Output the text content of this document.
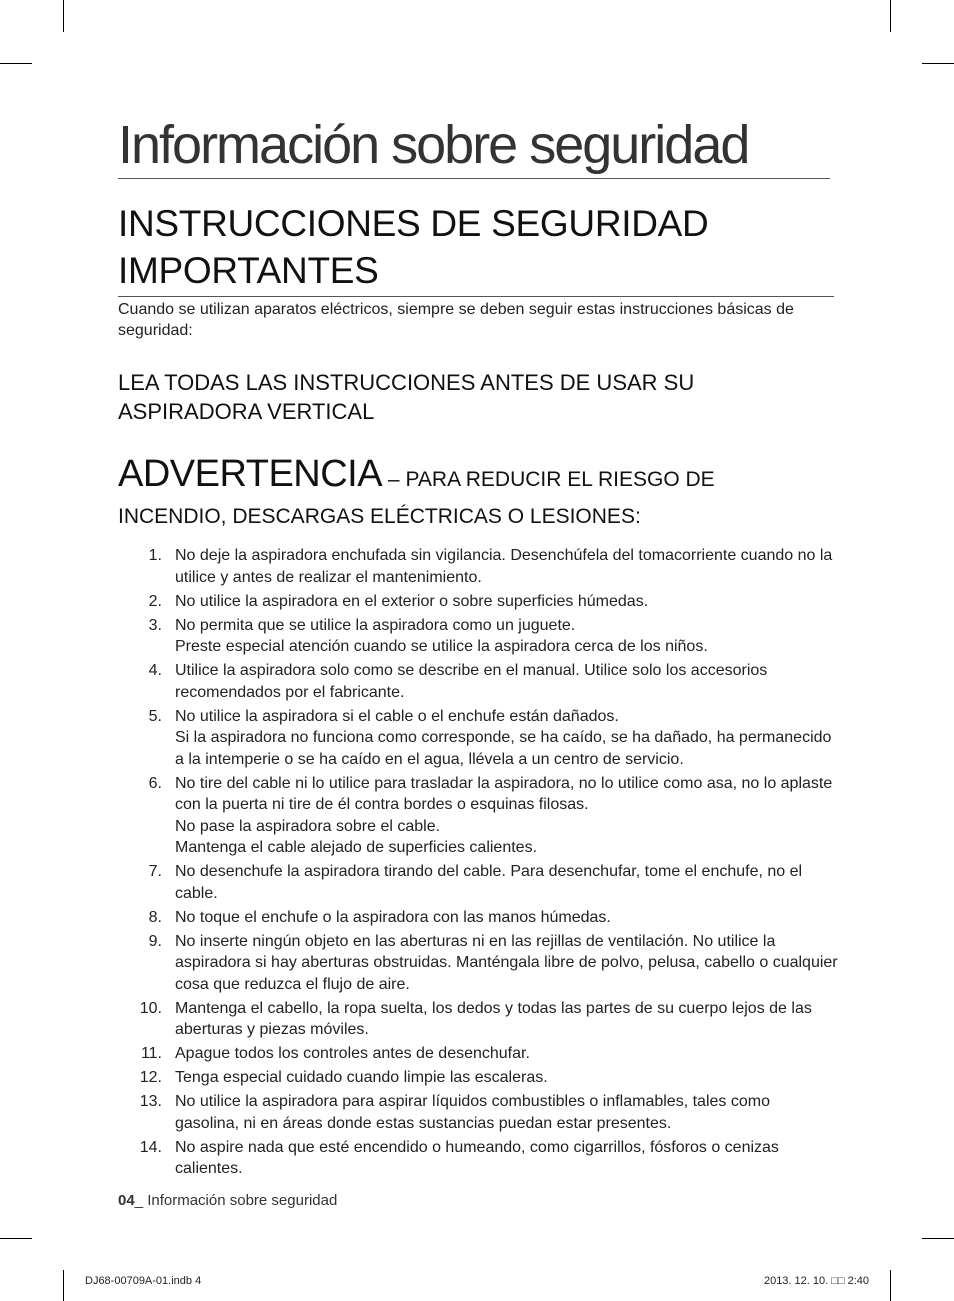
Información sobre seguridad
INSTRUCCIONES DE SEGURIDAD IMPORTANTES
Cuando se utilizan aparatos eléctricos, siempre se deben seguir estas instrucciones básicas de seguridad:
LEA TODAS LAS INSTRUCCIONES ANTES DE USAR SU ASPIRADORA VERTICAL
ADVERTENCIA – PARA REDUCIR EL RIESGO DE
INCENDIO, DESCARGAS ELÉCTRICAS O LESIONES:
1. No deje la aspiradora enchufada sin vigilancia. Desenchúfela del tomacorriente cuando no la utilice y antes de realizar el mantenimiento.
2. No utilice la aspiradora en el exterior o sobre superficies húmedas.
3. No permita que se utilice la aspiradora como un juguete.
Preste especial atención cuando se utilice la aspiradora cerca de los niños.
4. Utilice la aspiradora solo como se describe en el manual. Utilice solo los accesorios recomendados por el fabricante.
5. No utilice la aspiradora si el cable o el enchufe están dañados.
Si la aspiradora no funciona como corresponde, se ha caído, se ha dañado, ha permanecido a la intemperie o se ha caído en el agua, llévela a un centro de servicio.
6. No tire del cable ni lo utilice para trasladar la aspiradora, no lo utilice como asa, no lo aplaste con la puerta ni tire de él contra bordes o esquinas filosas.
No pase la aspiradora sobre el cable.
Mantenga el cable alejado de superficies calientes.
7. No desenchufe la aspiradora tirando del cable. Para desenchufar, tome el enchufe, no el cable.
8. No toque el enchufe o la aspiradora con las manos húmedas.
9. No inserte ningún objeto en las aberturas ni en las rejillas de ventilación. No utilice la aspiradora si hay aberturas obstruidas. Manténgala libre de polvo, pelusa, cabello o cualquier cosa que reduzca el flujo de aire.
10. Mantenga el cabello, la ropa suelta, los dedos y todas las partes de su cuerpo lejos de las aberturas y piezas móviles.
11. Apague todos los controles antes de desenchufar.
12. Tenga especial cuidado cuando limpie las escaleras.
13. No utilice la aspiradora para aspirar líquidos combustibles o inflamables, tales como gasolina, ni en áreas donde estas sustancias puedan estar presentes.
14. No aspire nada que esté encendido o humeando, como cigarrillos, fósforos o cenizas calientes.
04_ Información sobre seguridad
DJ68-00709A-01.indb 4	2013. 12. 10. □□ 2:40
